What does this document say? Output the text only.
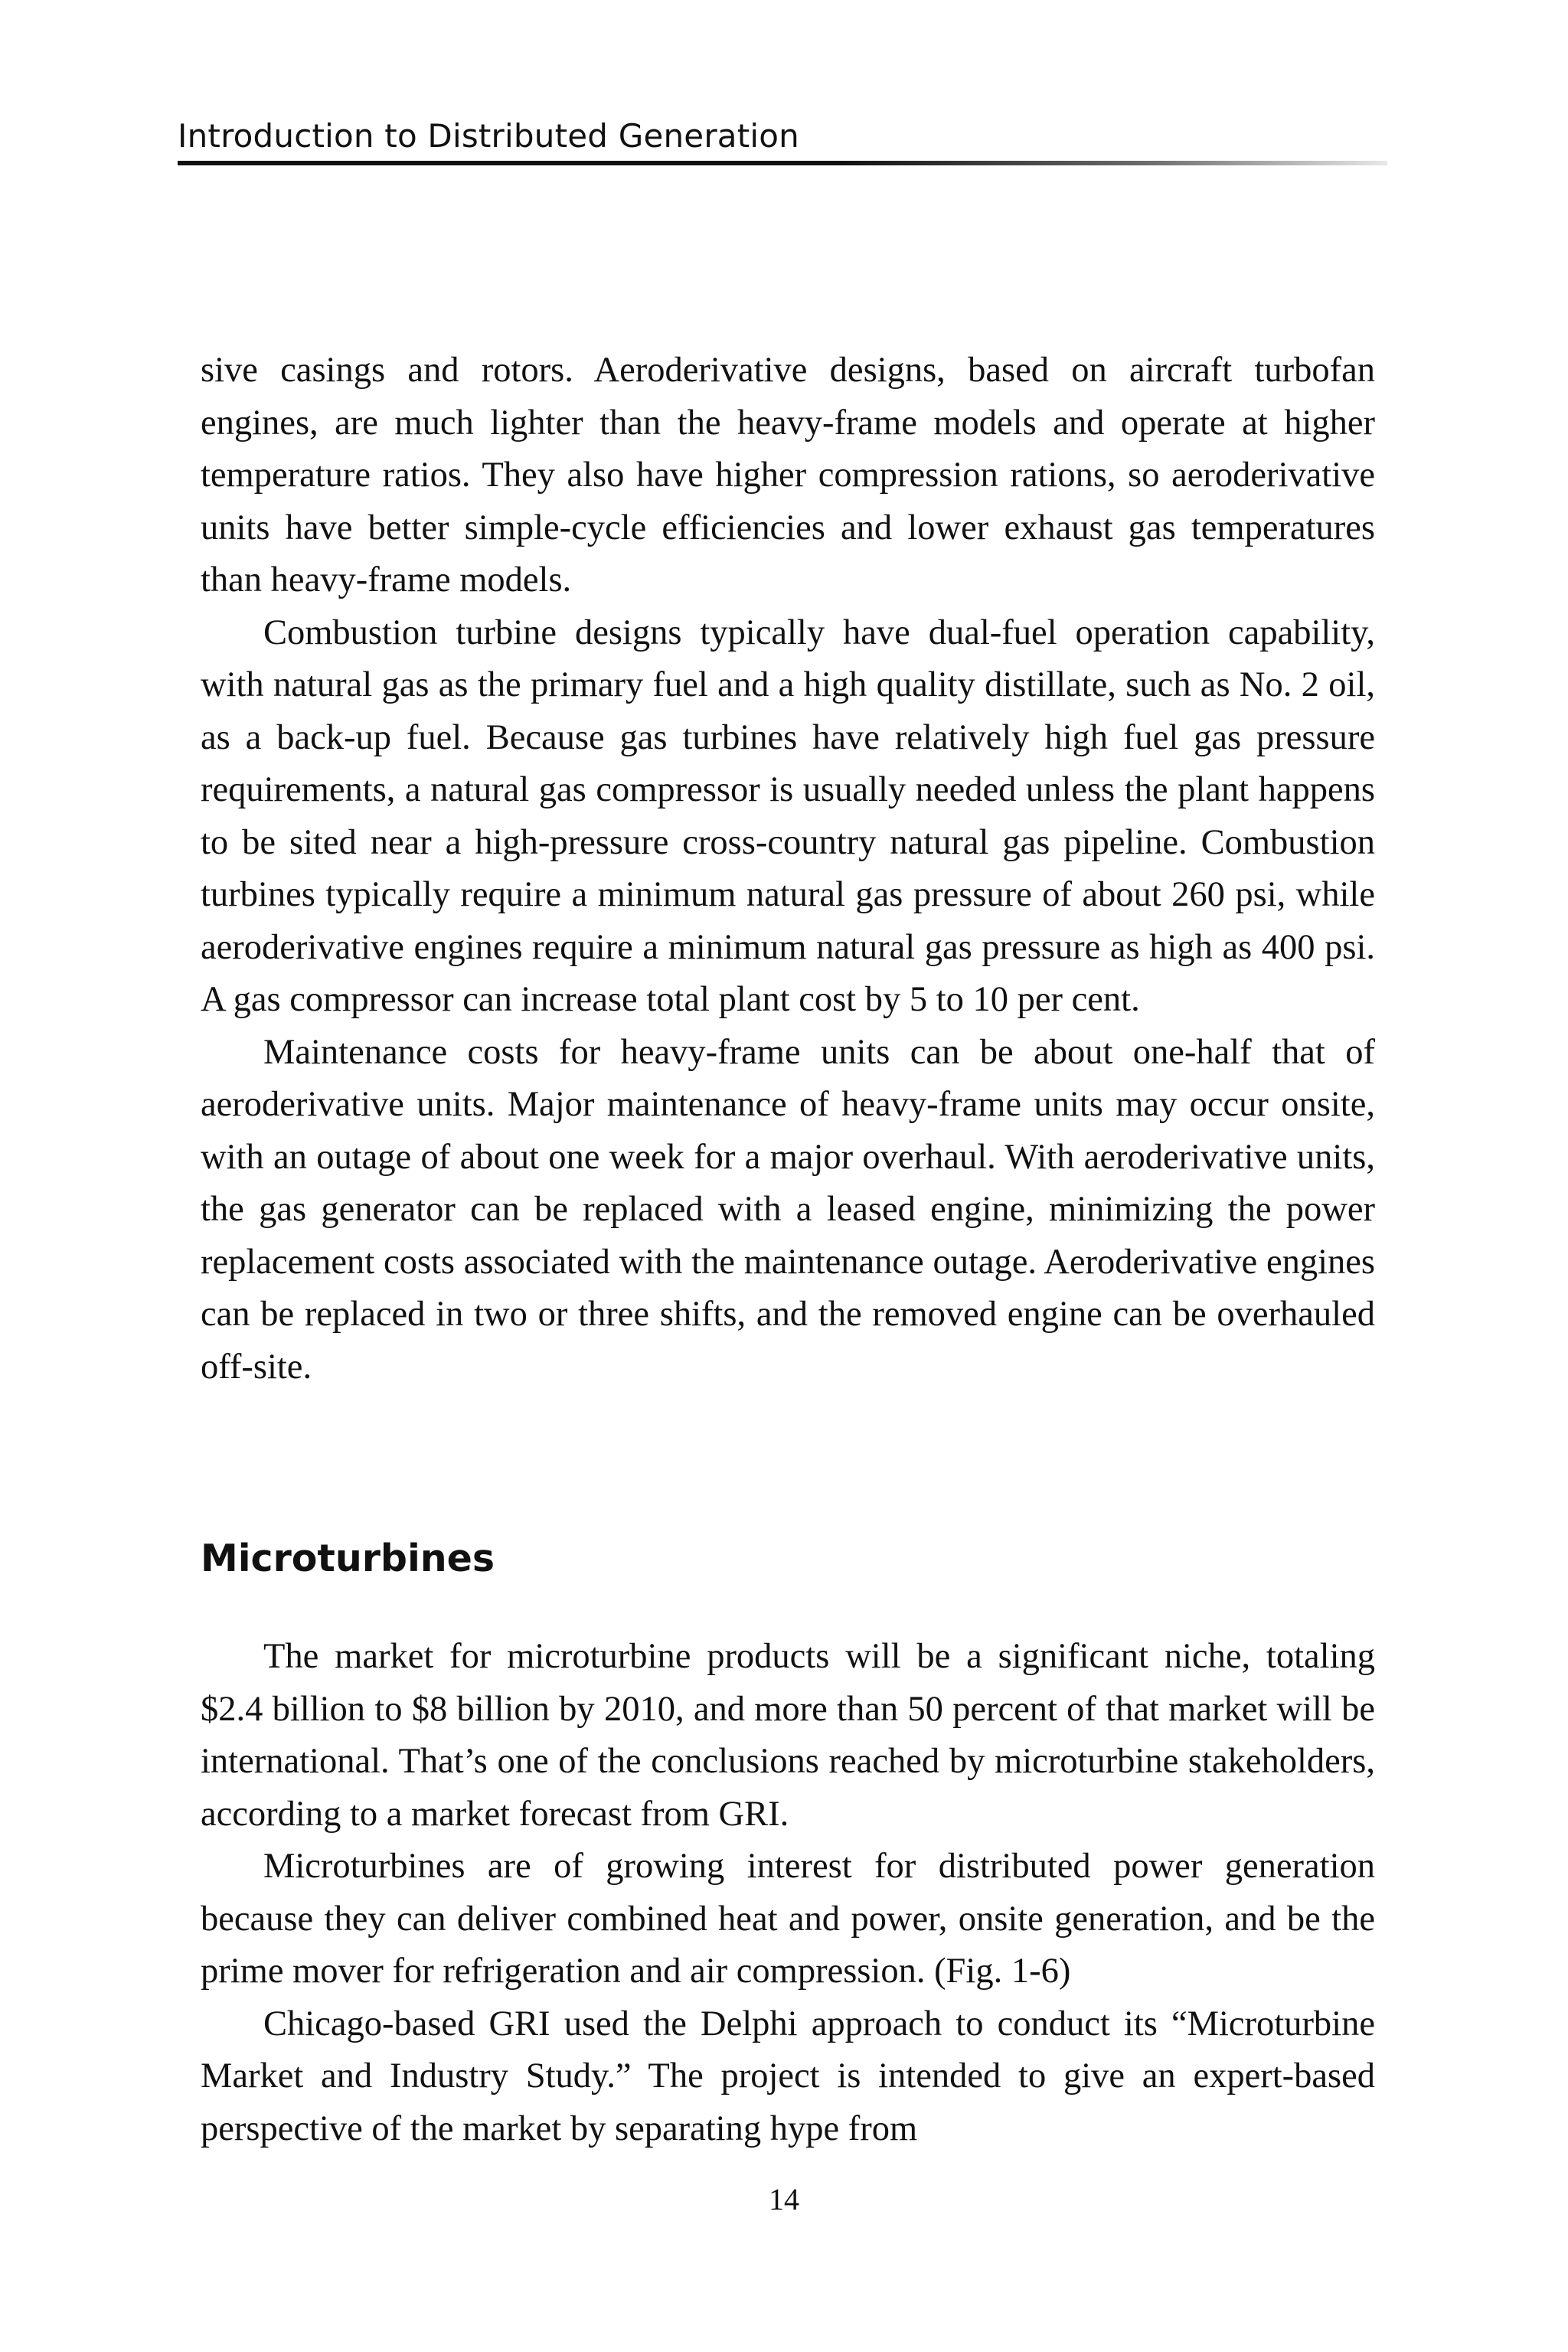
Introduction to Distributed Generation

sive casings and rotors. Aeroderivative designs, based on aircraft turbofan engines, are much lighter than the heavy-frame models and operate at higher temperature ratios. They also have higher compression rations, so aeroderivative units have better simple-cycle efficiencies and lower exhaust gas temperatures than heavy-frame models.

Combustion turbine designs typically have dual-fuel operation capability, with natural gas as the primary fuel and a high quality distillate, such as No. 2 oil, as a back-up fuel. Because gas turbines have relatively high fuel gas pressure requirements, a natural gas compressor is usually needed unless the plant happens to be sited near a high-pressure cross-country natural gas pipeline. Combustion turbines typically require a minimum natural gas pressure of about 260 psi, while aeroderivative engines require a minimum natural gas pressure as high as 400 psi. A gas compressor can increase total plant cost by 5 to 10 per cent.

Maintenance costs for heavy-frame units can be about one-half that of aeroderivative units. Major maintenance of heavy-frame units may occur onsite, with an outage of about one week for a major overhaul. With aeroderivative units, the gas generator can be replaced with a leased engine, minimizing the power replacement costs associated with the maintenance outage. Aeroderivative engines can be replaced in two or three shifts, and the removed engine can be overhauled off-site.

Microturbines

The market for microturbine products will be a significant niche, totaling $2.4 billion to $8 billion by 2010, and more than 50 percent of that market will be international. That’s one of the conclusions reached by microturbine stakeholders, according to a market forecast from GRI.

Microturbines are of growing interest for distributed power generation because they can deliver combined heat and power, onsite generation, and be the prime mover for refrigeration and air compression. (Fig. 1-6)

Chicago-based GRI used the Delphi approach to conduct its “Microturbine Market and Industry Study.” The project is intended to give an expert-based perspective of the market by separating hype from

14
